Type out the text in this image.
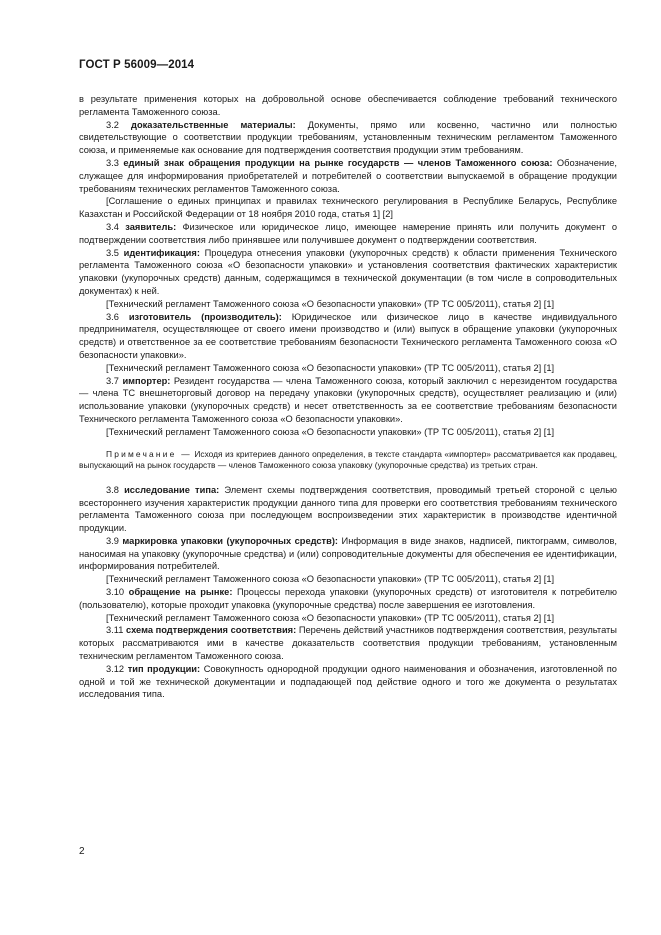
ГОСТ Р 56009—2014

в результате применения которых на добровольной основе обеспечивается соблюдение требований технического регламента Таможенного союза.

3.2 доказательственные материалы: Документы, прямо или косвенно, частично или полностью свидетельствующие о соответствии продукции требованиям, установленным техническим регламентом Таможенного союза, и применяемые как основание для подтверждения соответствия продукции этим требованиям.

3.3 единый знак обращения продукции на рынке государств — членов Таможенного союза: Обозначение, служащее для информирования приобретателей и потребителей о соответствии выпускаемой в обращение продукции требованиям технических регламентов Таможенного союза.

[Соглашение о единых принципах и правилах технического регулирования в Республике Беларусь, Республике Казахстан и Российской Федерации от 18 ноября 2010 года, статья 1] [2]

3.4 заявитель: Физическое или юридическое лицо, имеющее намерение принять или получить документ о подтверждении соответствия либо принявшее или получившее документ о подтверждении соответствия.

3.5 идентификация: Процедура отнесения упаковки (укупорочных средств) к области применения Технического регламента Таможенного союза «О безопасности упаковки» и установления соответствия фактических характеристик упаковки (укупорочных средств) данным, содержащимся в технической документации (в том числе в сопроводительных документах) к ней.

[Технический регламент Таможенного союза «О безопасности упаковки» (ТР ТС 005/2011), статья 2] [1]

3.6 изготовитель (производитель): Юридическое или физическое лицо в качестве индивидуального предпринимателя, осуществляющее от своего имени производство и (или) выпуск в обращение упаковки (укупорочных средств) и ответственное за ее соответствие требованиям безопасности Технического регламента Таможенного союза «О безопасности упаковки».

[Технический регламент Таможенного союза «О безопасности упаковки» (ТР ТС 005/2011), статья 2] [1]

3.7 импортер: Резидент государства — члена Таможенного союза, который заключил с нерезидентом государства — члена ТС внешнеторговый договор на передачу упаковки (укупорочных средств), осуществляет реализацию и (или) использование упаковки (укупорочных средств) и несет ответственность за ее соответствие требованиям безопасности Технического регламента Таможенного союза «О безопасности упаковки».

[Технический регламент Таможенного союза «О безопасности упаковки» (ТР ТС 005/2011), статья 2] [1]

Примечание — Исходя из критериев данного определения, в тексте стандарта «импортер» рассматривается как продавец, выпускающий на рынок государств — членов Таможенного союза упаковку (укупорочные средства) из третьих стран.

3.8 исследование типа: Элемент схемы подтверждения соответствия, проводимый третьей стороной с целью всестороннего изучения характеристик продукции данного типа для проверки его соответствия требованиям технического регламента Таможенного союза при последующем воспроизведении этих характеристик в производстве идентичной продукции.

3.9 маркировка упаковки (укупорочных средств): Информация в виде знаков, надписей, пиктограмм, символов, наносимая на упаковку (укупорочные средства) и (или) сопроводительные документы для обеспечения ее идентификации, информирования потребителей.

[Технический регламент Таможенного союза «О безопасности упаковки» (ТР ТС 005/2011), статья 2] [1]

3.10 обращение на рынке: Процессы перехода упаковки (укупорочных средств) от изготовителя к потребителю (пользователю), которые проходит упаковка (укупорочные средства) после завершения ее изготовления.

[Технический регламент Таможенного союза «О безопасности упаковки» (ТР ТС 005/2011), статья 2] [1]

3.11 схема подтверждения соответствия: Перечень действий участников подтверждения соответствия, результаты которых рассматриваются ими в качестве доказательств соответствия продукции требованиям, установленным техническим регламентом Таможенного союза.

3.12 тип продукции: Совокупность однородной продукции одного наименования и обозначения, изготовленной по одной и той же технической документации и подпадающей под действие одного и того же документа о результатах исследования типа.

2
